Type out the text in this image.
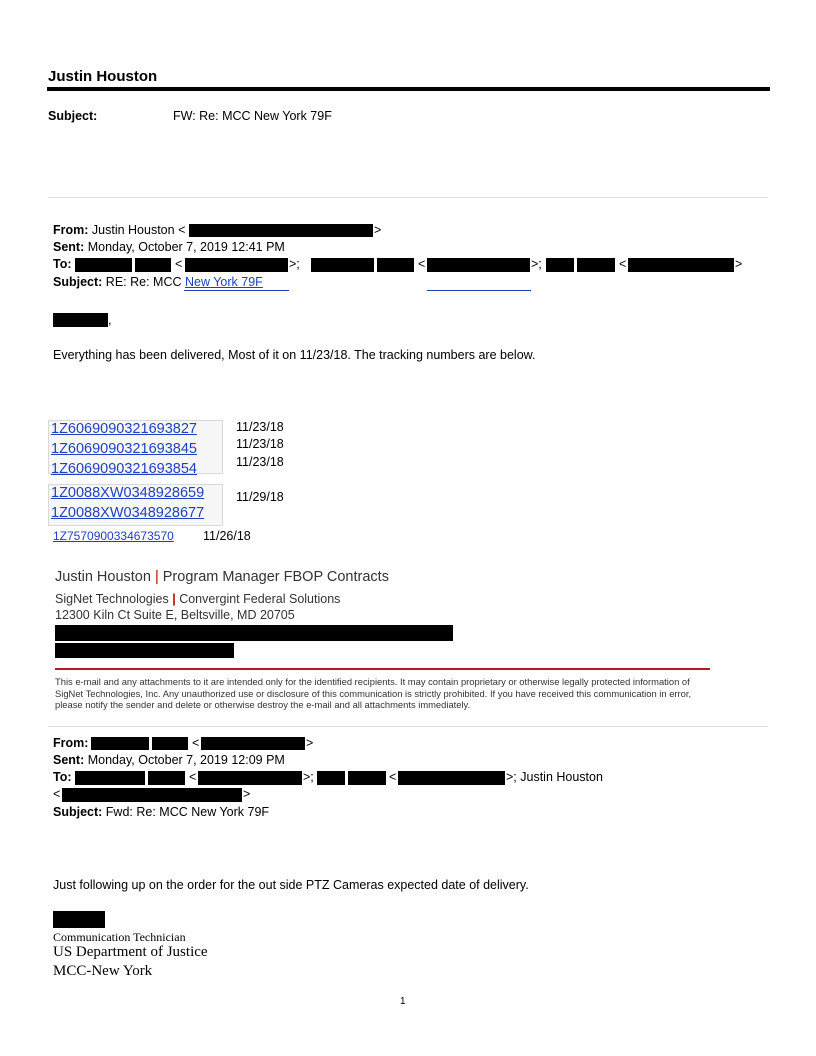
Justin Houston
Subject:	FW: Re: MCC New York 79F
From: Justin Houston <	>
Sent: Monday, October 7, 2019 12:41 PM
To:	<	>;	<	>;	<	>
Subject: RE: Re: MCC New York 79F
,
Everything has been delivered, Most of it on 11/23/18. The tracking numbers are below.
1Z6069090321693827	11/23/18
1Z6069090321693845	11/23/18
1Z6069090321693854	11/23/18
1Z0088XW0348928659	11/29/18
1Z0088XW0348928677
1Z7570900334673570 11/26/18
Justin Houston | Program Manager FBOP Contracts
SigNet Technologies | Convergint Federal Solutions
12300 Kiln Ct Suite E, Beltsville, MD 20705
This e-mail and any attachments to it are intended only for the identified recipients. It may contain proprietary or otherwise legally protected information of SigNet Technologies, Inc. Any unauthorized use or disclosure of this communication is strictly prohibited. If you have received this communication in error, please notify the sender and delete or otherwise destroy the e-mail and all attachments immediately.
From:	<	>
Sent: Monday, October 7, 2019 12:09 PM
To:	<	>;	<	>; Justin Houston
<	>
Subject: Fwd: Re: MCC New York 79F
Just following up on the order for the out side PTZ Cameras expected date of delivery.
Communication Technician
US Department of Justice
MCC-New York
1
